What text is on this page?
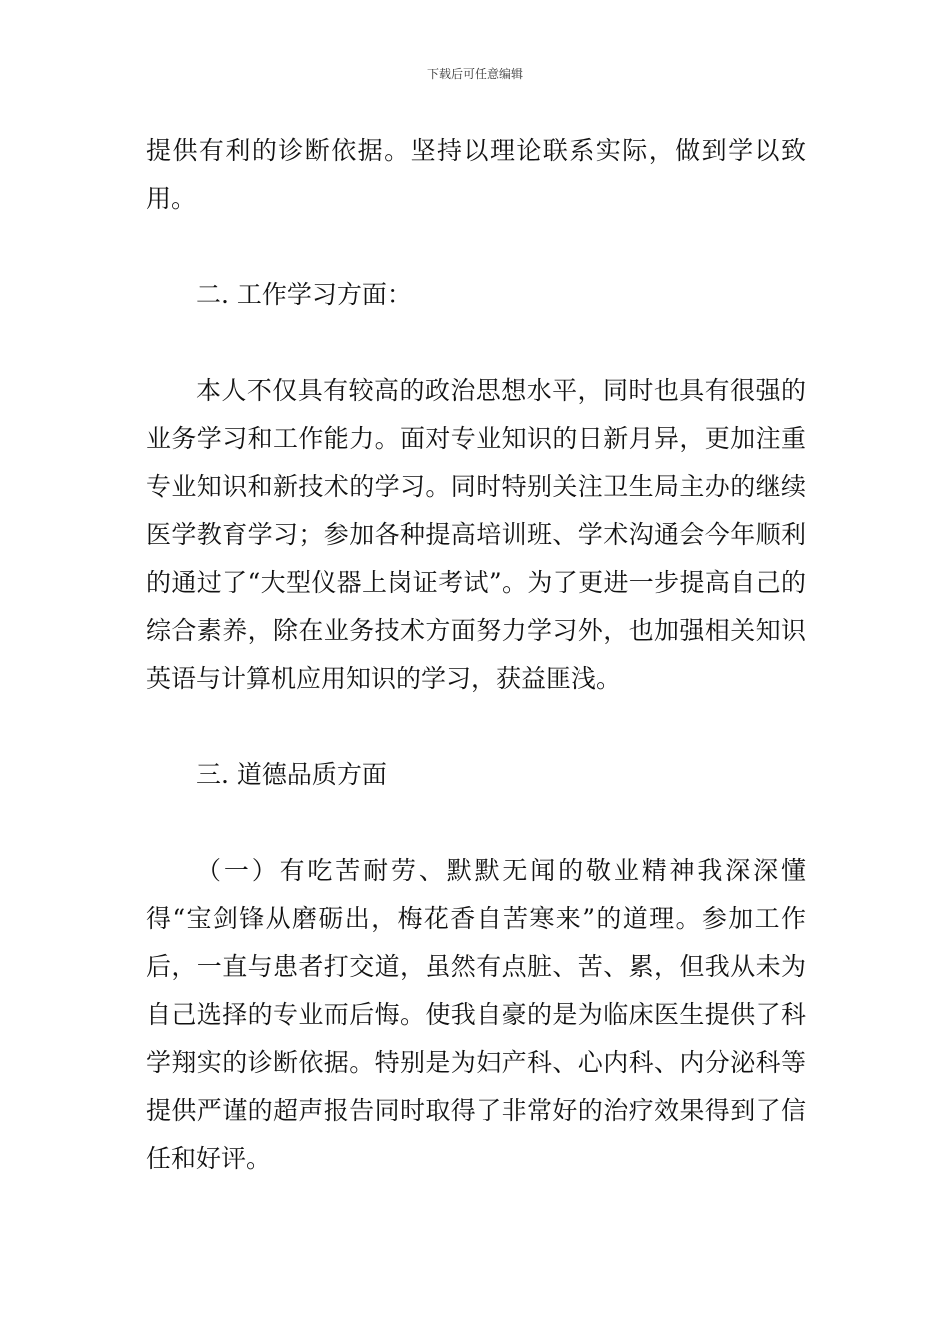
下载后可任意编辑

提供有利的诊断依据。坚持以理论联系实际，做到学以致用。

二. 工作学习方面：

本人不仅具有较高的政治思想水平，同时也具有很强的业务学习和工作能力。面对专业知识的日新月异，更加注重专业知识和新技术的学习。同时特别关注卫生局主办的继续医学教育学习；参加各种提高培训班、学术沟通会今年顺利的通过了“大型仪器上岗证考试”。为了更进一步提高自己的综合素养，除在业务技术方面努力学习外，也加强相关知识英语与计算机应用知识的学习，获益匪浅。

三. 道德品质方面

（一）有吃苦耐劳、默默无闻的敬业精神我深深懂得“宝剑锋从磨砺出，梅花香自苦寒来”的道理。参加工作后，一直与患者打交道，虽然有点脏、苦、累，但我从未为自己选择的专业而后悔。使我自豪的是为临床医生提供了科学翔实的诊断依据。特别是为妇产科、心内科、内分泌科等提供严谨的超声报告同时取得了非常好的治疗效果得到了信任和好评。
